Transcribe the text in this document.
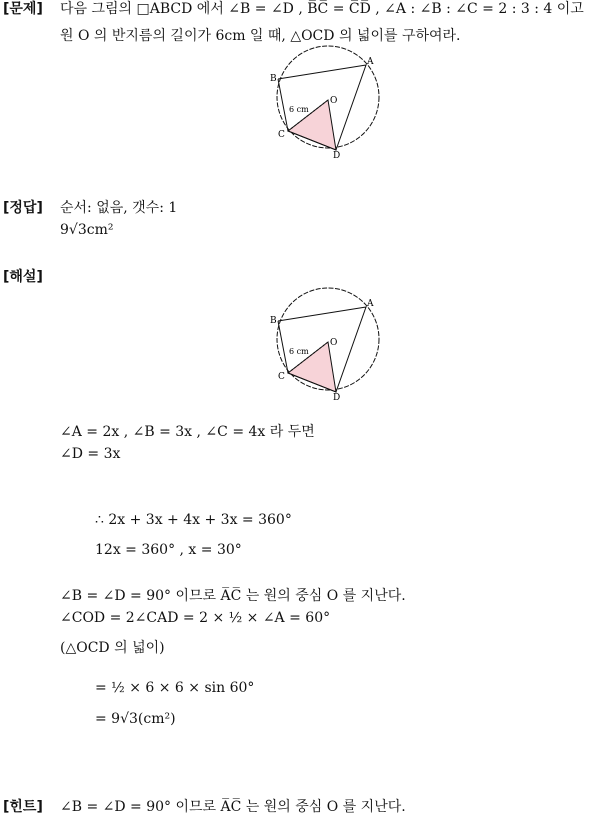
[문제] 다음 그림의 □ABCD 에서 ∠B = ∠D , B̅C̅ = C̅D̅ , ∠A : ∠B : ∠C = 2 : 3 : 4 이고
원 O 의 반지름의 길이가 6cm 일 때, △OCD 의 넓이를 구하여라.
A
B
C
D
O
6 cm
[정답] 순서: 없음, 갯수: 1
9√3cm²
[해설]
A
B
C
D
O
6 cm
∠A = 2x , ∠B = 3x , ∠C = 4x 라 두면
∠D = 3x
∴ 2x + 3x + 4x + 3x = 360°
12x = 360° , x = 30°
∠B = ∠D = 90° 이므로 A̅C̅ 는 원의 중심 O 를 지난다.
∠COD = 2∠CAD = 2 × ½ × ∠A = 60°
(△OCD 의 넓이)
= ½ × 6 × 6 × sin 60°
= 9√3(cm²)
[힌트] ∠B = ∠D = 90° 이므로 A̅C̅ 는 원의 중심 O 를 지난다.
